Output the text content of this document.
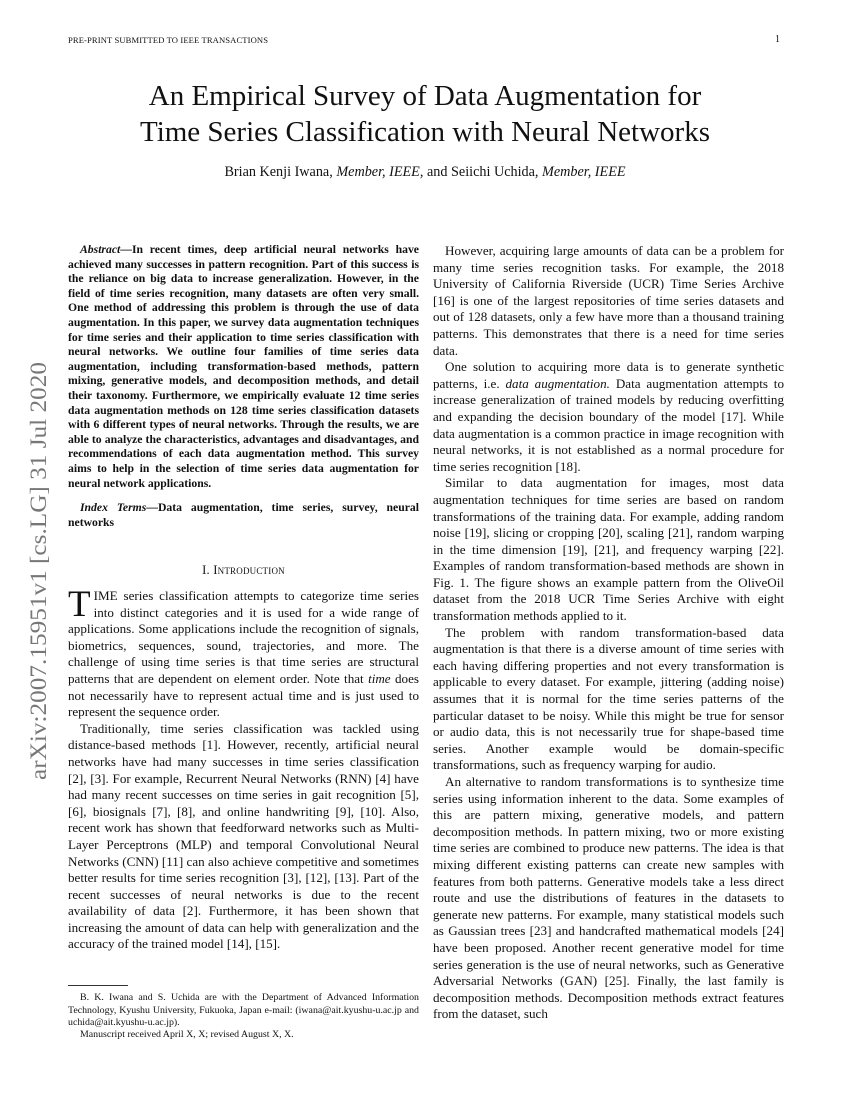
PRE-PRINT SUBMITTED TO IEEE TRANSACTIONS	1
arXiv:2007.15951v1 [cs.LG] 31 Jul 2020
An Empirical Survey of Data Augmentation for
Time Series Classification with Neural Networks
Brian Kenji Iwana, Member, IEEE, and Seiichi Uchida, Member, IEEE
Abstract—In recent times, deep artificial neural networks have achieved many successes in pattern recognition. Part of this success is the reliance on big data to increase generalization. However, in the field of time series recognition, many datasets are often very small. One method of addressing this problem is through the use of data augmentation. In this paper, we survey data augmentation techniques for time series and their application to time series classification with neural networks. We outline four families of time series data augmentation, including transformation-based methods, pattern mixing, generative models, and decomposition methods, and detail their taxonomy. Furthermore, we empirically evaluate 12 time series data augmentation methods on 128 time series classification datasets with 6 different types of neural networks. Through the results, we are able to analyze the characteristics, advantages and disadvantages, and recommendations of each data augmentation method. This survey aims to help in the selection of time series data augmentation for neural network applications.
Index Terms—Data augmentation, time series, survey, neural networks
I. Introduction

TIME series classification attempts to categorize time series into distinct categories and it is used for a wide range of applications. Some applications include the recognition of signals, biometrics, sequences, sound, trajectories, and more. The challenge of using time series is that time series are structural patterns that are dependent on element order. Note that time does not necessarily have to represent actual time and is just used to represent the sequence order.

Traditionally, time series classification was tackled using distance-based methods [1]. However, recently, artificial neural networks have had many successes in time series classification [2], [3]. For example, Recurrent Neural Networks (RNN) [4] have had many recent successes on time series in gait recognition [5], [6], biosignals [7], [8], and online handwriting [9], [10]. Also, recent work has shown that feedforward networks such as Multi-Layer Perceptrons (MLP) and temporal Convolutional Neural Networks (CNN) [11] can also achieve competitive and sometimes better results for time series recognition [3], [12], [13]. Part of the recent successes of neural networks is due to the recent availability of data [2]. Furthermore, it has been shown that increasing the amount of data can help with generalization and the accuracy of the trained model [14], [15].

B. K. Iwana and S. Uchida are with the Department of Advanced Information Technology, Kyushu University, Fukuoka, Japan e-mail: (iwana@ait.kyushu-u.ac.jp and uchida@ait.kyushu-u.ac.jp).
Manuscript received April X, X; revised August X, X.

However, acquiring large amounts of data can be a problem for many time series recognition tasks. For example, the 2018 University of California Riverside (UCR) Time Series Archive [16] is one of the largest repositories of time series datasets and out of 128 datasets, only a few have more than a thousand training patterns. This demonstrates that there is a need for time series data.

One solution to acquiring more data is to generate synthetic patterns, i.e. data augmentation. Data augmentation attempts to increase generalization of trained models by reducing overfitting and expanding the decision boundary of the model [17]. While data augmentation is a common practice in image recognition with neural networks, it is not established as a normal procedure for time series recognition [18].

Similar to data augmentation for images, most data augmentation techniques for time series are based on random transformations of the training data. For example, adding random noise [19], slicing or cropping [20], scaling [21], random warping in the time dimension [19], [21], and frequency warping [22]. Examples of random transformation-based methods are shown in Fig. 1. The figure shows an example pattern from the OliveOil dataset from the 2018 UCR Time Series Archive with eight transformation methods applied to it.

The problem with random transformation-based data augmentation is that there is a diverse amount of time series with each having differing properties and not every transformation is applicable to every dataset. For example, jittering (adding noise) assumes that it is normal for the time series patterns of the particular dataset to be noisy. While this might be true for sensor or audio data, this is not necessarily true for shape-based time series. Another example would be domain-specific transformations, such as frequency warping for audio.

An alternative to random transformations is to synthesize time series using information inherent to the data. Some examples of this are pattern mixing, generative models, and pattern decomposition methods. In pattern mixing, two or more existing time series are combined to produce new patterns. The idea is that mixing different existing patterns can create new samples with features from both patterns. Generative models take a less direct route and use the distributions of features in the datasets to generate new patterns. For example, many statistical models such as Gaussian trees [23] and handcrafted mathematical models [24] have been proposed. Another recent generative model for time series generation is the use of neural networks, such as Generative Adversarial Networks (GAN) [25]. Finally, the last family is decomposition methods. Decomposition methods extract features from the dataset, such
